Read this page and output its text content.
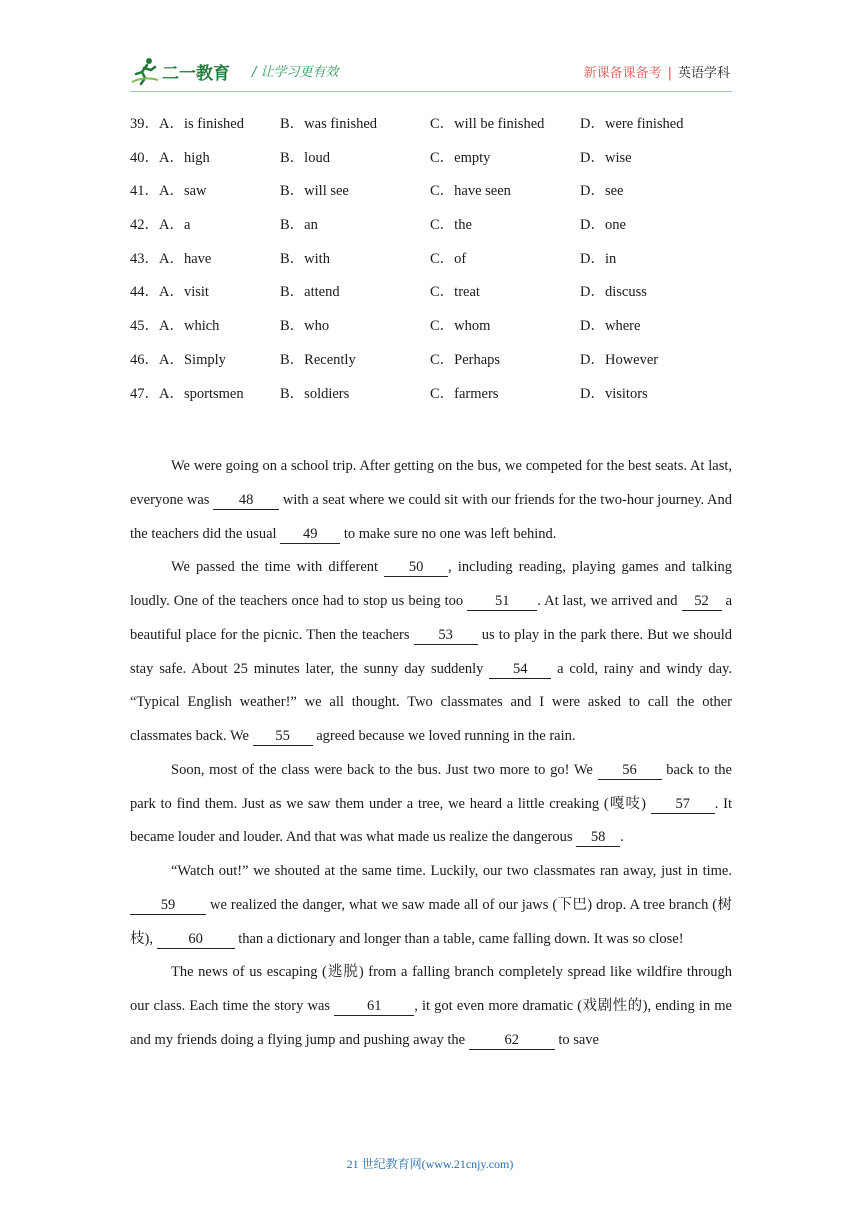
二一教育 / 让学习更有效	新课备课备考 | 英语学科
39．A．is finished B．was finished	C．will be finished D．were finished
40．A．high	B．loud	C．empty	D．wise
41．A．saw	B．will see	C．have seen	D．see
42．A．a	B．an	C．the	D．one
43．A．have	B．with	C．of	D．in
44．A．visit	B．attend	C．treat	D．discuss
45．A．which	B．who	C．whom	D．where
46．A．Simply	B．Recently	C．Perhaps	D．However
47．A．sportsmen	B．soldiers	C．farmers	D．visitors

We were going on a school trip. After getting on the bus, we competed for the best seats. At last, everyone was 48 with a seat where we could sit with our friends for the two-hour journey. And the teachers did the usual 49 to make sure no one was left behind.

We passed the time with different 50 , including reading, playing games and talking loudly. One of the teachers once had to stop us being too 51 . At last, we arrived and 52 a beautiful place for the picnic. Then the teachers 53 us to play in the park there. But we should stay safe. About 25 minutes later, the sunny day suddenly 54 a cold, rainy and windy day. “Typical English weather!” we all thought. Two classmates and I were asked to call the other classmates back. We 55 agreed because we loved running in the rain.

Soon, most of the class were back to the bus. Just two more to go! We 56 back to the park to find them. Just as we saw them under a tree, we heard a little creaking (嘎吱) 57 . It became louder and louder. And that was what made us realize the dangerous 58 .

“Watch out!” we shouted at the same time. Luckily, our two classmates ran away, just in time. 59 we realized the danger, what we saw made all of our jaws (下巴) drop. A tree branch (树枝), 60 than a dictionary and longer than a table, came falling down. It was so close!

The news of us escaping (逃脱) from a falling branch completely spread like wildfire through our class. Each time the story was	61 , it got even more dramatic (戏剧性的), ending in me and my friends doing a flying jump and pushing away the	62	to save

21 世纪教育网(www.21cnjy.com)
